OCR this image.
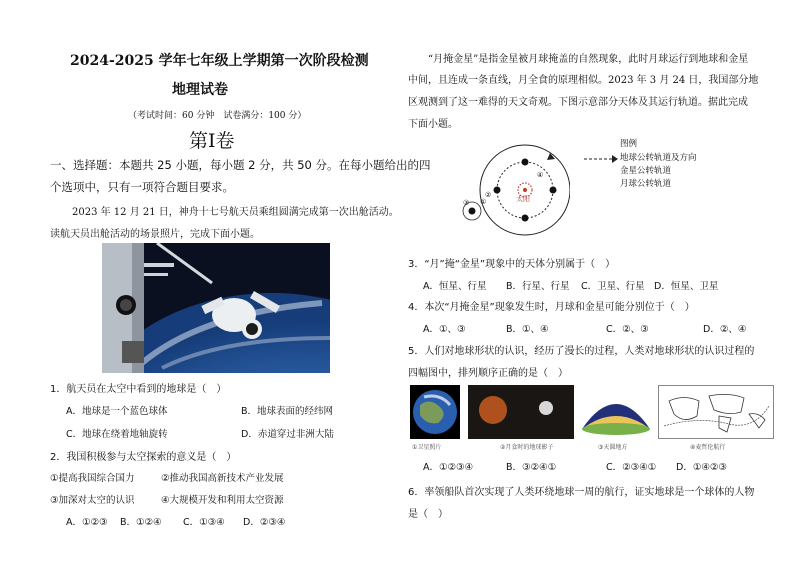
2024-2025 学年七年级上学期第一次阶段检测
地理试卷
（考试时间：60 分钟　试卷满分：100 分）
第Ⅰ卷
一、选择题：本题共 25 小题，每小题 2 分，共 50 分。在每小题给出的四
个选项中，只有一项符合题目要求。
2023 年 12 月 21 日，神舟十七号航天员乘组圆满完成第一次出舱活动。
读航天员出舱活动的场景照片，完成下面小题。
1．航天员在太空中看到的地球是（　）
A．地球是一个蓝色球体	B．地球表面的经纬网
C．地球在绕着地轴旋转	D．赤道穿过非洲大陆
2．我国积极参与太空探索的意义是（　）
①提高我国综合国力	②推动我国高新技术产业发展
③加深对太空的认识	④大规模开发和利用太空资源
A．①②③ B．①②④ C．①③④ D．②③④
“月掩金星”是指金星被月球掩盖的自然现象，此时月球运行到地球和金星
中间，且连成一条直线，月全食的原理相似。2023 年 3 月 24 日，我国部分地
区观测到了这一难得的天文奇观。下图示意部分天体及其运行轨道。据此完成
下面小题。
太阳
①
②
③
④
图例
地球公转轨道及方向
金星公转轨道
月球公转轨道
3．“月”掩“金星”现象中的天体分别属于（　）
A．恒星、行星 B．行星、行星 C．卫星、行星 D．恒星、卫星
4．本次“月掩金星”现象发生时，月球和金星可能分别位于（　）
A．①、③	B．①、④	C．②、③	D．②、④
5．人们对地球形状的认识，经历了漫长的过程，人类对地球形状的认识过程的
四幅图中，排列顺序正确的是（　）
①卫星照片	②月食时的地球影子	③天圆地方	④麦哲伦航行
A．①②③④	B．③②④①	C．②③④① D．①④②③
6．率领船队首次实现了人类环绕地球一周的航行，证实地球是一个球体的人物
是（　）
